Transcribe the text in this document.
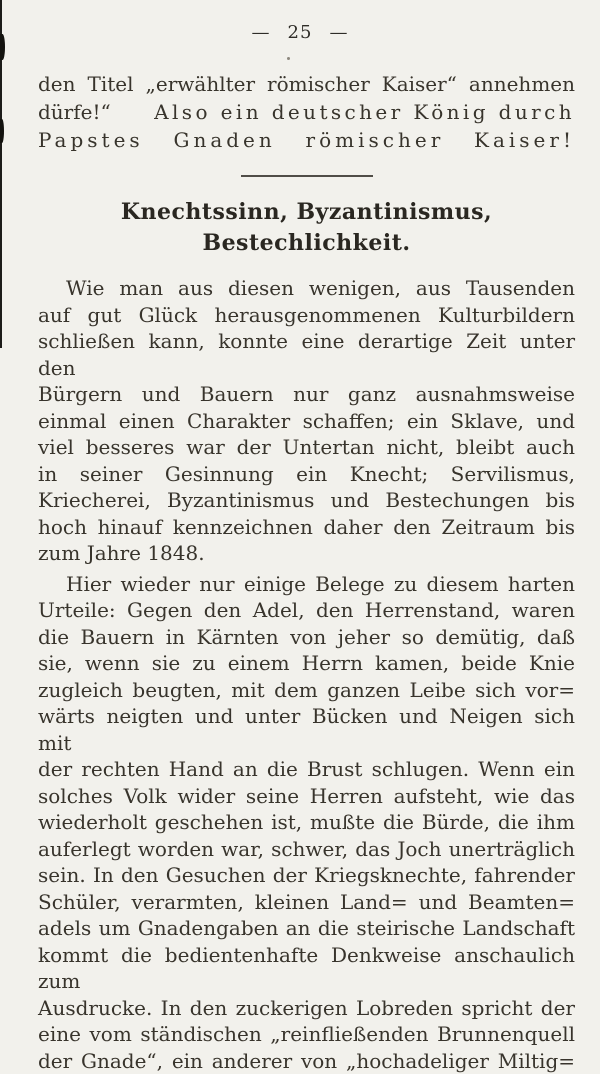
— 25 —
den Titel „erwählter römischer Kaiser“ annehmen
dürfe!“ Also ein deutscher König durch
Papstes Gnaden römischer Kaiser!
Knechtssinn, Byzantinismus, Bestechlichkeit.
Wie man aus diesen wenigen, aus Tausenden
auf gut Glück herausgenommenen Kulturbildern
schließen kann, konnte eine derartige Zeit unter den
Bürgern und Bauern nur ganz ausnahmsweise
einmal einen Charakter schaffen; ein Sklave, und
viel besseres war der Untertan nicht, bleibt auch
in seiner Gesinnung ein Knecht; Servilismus,
Kriecherei, Byzantinismus und Bestechungen bis
hoch hinauf kennzeichnen daher den Zeitraum bis
zum Jahre 1848.
Hier wieder nur einige Belege zu diesem harten
Urteile: Gegen den Adel, den Herrenstand, waren
die Bauern in Kärnten von jeher so demütig, daß
sie, wenn sie zu einem Herrn kamen, beide Knie
zugleich beugten, mit dem ganzen Leibe sich vor=
wärts neigten und unter Bücken und Neigen sich mit
der rechten Hand an die Brust schlugen. Wenn ein
solches Volk wider seine Herren aufsteht, wie das
wiederholt geschehen ist, mußte die Bürde, die ihm
auferlegt worden war, schwer, das Joch unerträglich
sein. In den Gesuchen der Kriegsknechte, fahrender
Schüler, verarmten, kleinen Land= und Beamten=
adels um Gnadengaben an die steirische Landschaft
kommt die bedientenhafte Denkweise anschaulich zum
Ausdrucke. In den zuckerigen Lobreden spricht der
eine vom ständischen „reinfließenden Brunnenquell
der Gnade“, ein anderer von „hochadeliger Miltig=
